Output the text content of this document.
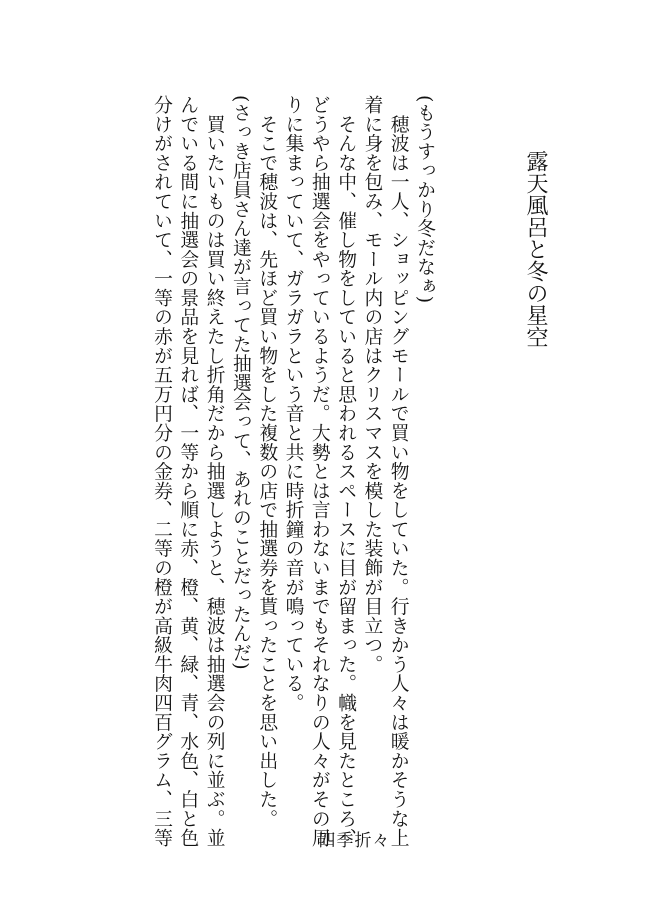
露天風呂と冬の星空

(もうすっかり冬だなぁ)

　穂波は一人、ショッピングモールで買い物をしていた。行きかう人々は暖かそうな上

着に身を包み、モール内の店はクリスマスを模した装飾が目立つ。

　そんな中、催し物をしていると思われるスペースに目が留まった。幟を見たところ、

どうやら抽選会をやっているようだ。大勢とは言わないまでもそれなりの人々がその周

りに集まっていて、ガラガラという音と共に時折鐘の音が鳴っている。

　そこで穂波は、先ほど買い物をした複数の店で抽選券を貰ったことを思い出した。

(さっき店員さん達が言ってた抽選会って、あれのことだったんだ)

　買いたいものは買い終えたし折角だから抽選しようと、穂波は抽選会の列に並ぶ。並

んでいる間に抽選会の景品を見れば、一等から順に赤、橙、黄、緑、青、水色、白と色

分けがされていて、一等の赤が五万円分の金券、二等の橙が高級牛肉四百グラム、三等	四季折々
